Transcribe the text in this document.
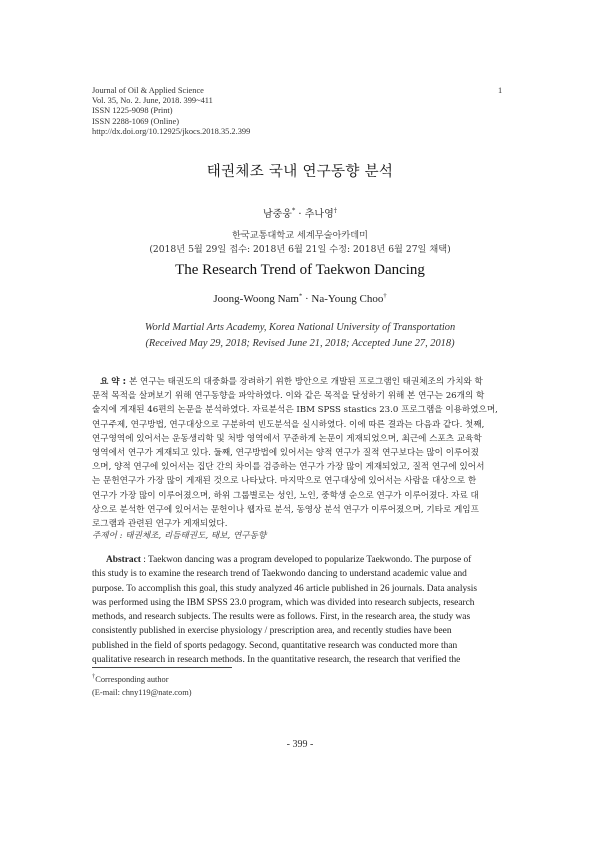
Journal of Oil & Applied Science
Vol. 35, No. 2. June, 2018. 399~411
ISSN 1225-9098 (Print)
ISSN 2288-1069 (Online)
http://dx.doi.org/10.12925/jkocs.2018.35.2.399
1
태권체조 국내 연구동향 분석
남중웅* · 추나영†
한국교통대학교 세계무술아카데미
(2018년 5월 29일 접수: 2018년 6월 21일 수정: 2018년 6월 27일 채택)
The Research Trend of Taekwon Dancing
Joong-Woong Nam* · Na-Young Choo†
World Martial Arts Academy, Korea National University of Transportation
(Received May 29, 2018; Revised June 21, 2018; Accepted June 27, 2018)
요 약 : 본 연구는 태권도의 대중화를 장려하기 위한 방안으로 개발된 프로그램인 태권체조의 가치와 학
문적 목적을 살펴보기 위해 연구동향을 파악하였다. 이와 같은 목적을 달성하기 위해 본 연구는 26개의 학
술지에 게재된 46편의 논문을 분석하였다. 자료분석은 IBM SPSS stastics 23.0 프로그램을 이용하였으며,
연구주제, 연구방법, 연구대상으로 구분하여 빈도분석을 실시하였다. 이에 따른 결과는 다음과 같다. 첫째,
연구영역에 있어서는 운동생리학 및 처방 영역에서 꾸준하게 논문이 게재되었으며, 최근에 스포츠 교육학
영역에서 연구가 게재되고 있다. 둘째, 연구방법에 있어서는 양적 연구가 질적 연구보다는 많이 이루어졌
으며, 양적 연구에 있어서는 집단 간의 차이를 검증하는 연구가 가장 많이 게재되었고, 질적 연구에 있어서
는 문헌연구가 가장 많이 게재된 것으로 나타났다. 마지막으로 연구대상에 있어서는 사람을 대상으로 한
연구가 가장 많이 이루어졌으며, 하위 그룹별로는 성인, 노인, 중학생 순으로 연구가 이루어졌다. 자료 대
상으로 분석한 연구에 있어서는 문헌이나 웹자료 분석, 동영상 분석 연구가 이루어졌으며, 기타로 게임프
로그램과 관련된 연구가 게재되었다.
주제어 : 태권체조, 리듬태권도, 태보, 연구동향
Abstract : Taekwon dancing was a program developed to popularize Taekwondo. The purpose of
this study is to examine the research trend of Taekwondo dancing to understand academic value and
purpose. To accomplish this goal, this study analyzed 46 article published in 26 journals. Data analysis
was performed using the IBM SPSS 23.0 program, which was divided into research subjects, research
methods, and research subjects. The results were as follows. First, in the research area, the study was
consistently published in exercise physiology / prescription area, and recently studies have been
published in the field of sports pedagogy. Second, quantitative research was conducted more than
qualitative research in research methods. In the quantitative research, the research that verified the
†Corresponding author
(E-mail: chny119@nate.com)
- 399 -
